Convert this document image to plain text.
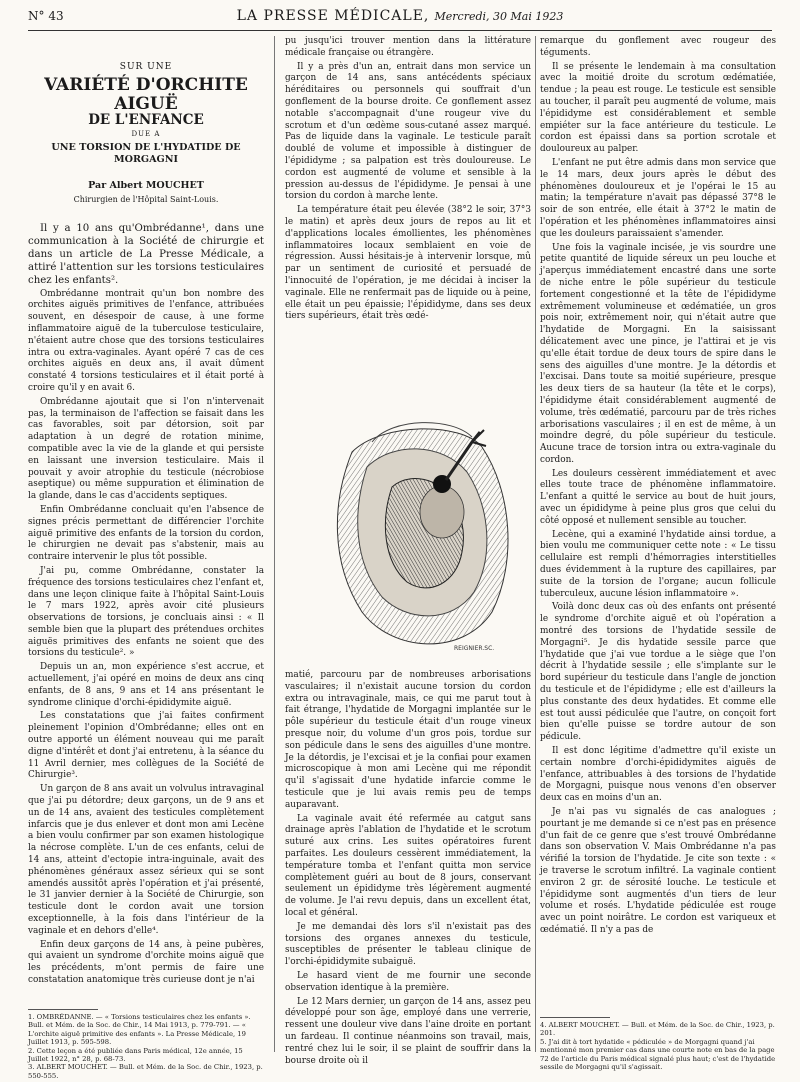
N° 43	LA PRESSE MÉDICALE, Mercredi, 30 Mai 1923
SUR UNE
VARIÉTÉ D'ORCHITE AIGUË
DE L'ENFANCE
DUE A
UNE TORSION DE L'HYDATIDE DE MORGAGNI
Par Albert MOUCHET
Chirurgien de l'Hôpital Saint-Louis.

Il y a 10 ans qu'Ombrédanne¹, dans une communication à la Société de chirurgie et dans un article de La Presse Médicale, a attiré l'attention sur les torsions testiculaires chez les enfants².

Ombrédanne montrait qu'un bon nombre des orchites aiguës primitives de l'enfance, attribuées souvent, en désespoir de cause, à une forme inflammatoire aiguë de la tuberculose testiculaire, n'étaient autre chose que des torsions testiculaires intra ou extra-vaginales. Ayant opéré 7 cas de ces orchites aiguës en deux ans, il avait dûment constaté 4 torsions testiculaires et il était porté à croire qu'il y en avait 6.

Ombrédanne ajoutait que si l'on n'intervenait pas, la terminaison de l'affection se faisait dans les cas favorables, soit par détorsion, soit par adaptation à un degré de rotation minime, compatible avec la vie de la glande et qui persiste en laissant une inversion testiculaire. Mais il pouvait y avoir atrophie du testicule (nécrobiose aseptique) ou même suppuration et élimination de la glande, dans le cas d'accidents septiques.

Enfin Ombrédanne concluait qu'en l'absence de signes précis permettant de différencier l'orchite aiguë primitive des enfants de la torsion du cordon, le chirurgien ne devait pas s'abstenir, mais au contraire intervenir le plus tôt possible.

J'ai pu, comme Ombrédanne, constater la fréquence des torsions testiculaires chez l'enfant et, dans une leçon clinique faite à l'hôpital Saint-Louis le 7 mars 1922, après avoir cité plusieurs observations de torsions, je concluais ainsi : « Il semble bien que la plupart des prétendues orchites aiguës primitives des enfants ne soient que des torsions du testicule². »

Depuis un an, mon expérience s'est accrue, et actuellement, j'ai opéré en moins de deux ans cinq enfants, de 8 ans, 9 ans et 14 ans présentant le syndrome clinique d'orchi-épididymite aiguë.

Les constatations que j'ai faites confirment pleinement l'opinion d'Ombrédanne; elles ont en outre apporté un élément nouveau qui me paraît digne d'intérêt et dont j'ai entretenu, à la séance du 11 Avril dernier, mes collègues de la Société de Chirurgie³.

Un garçon de 8 ans avait un volvulus intravaginal que j'ai pu détordre; deux garçons, un de 9 ans et un de 14 ans, avaient des testicules complètement infarcis que je dus enlever et dont mon ami Lecène a bien voulu confirmer par son examen histologique la nécrose complète. L'un de ces enfants, celui de 14 ans, atteint d'ectopie intra-inguinale, avait des phénomènes généraux assez sérieux qui se sont amendés aussitôt après l'opération et j'ai présenté, le 31 janvier dernier à la Société de Chirurgie, son testicule dont le cordon avait une torsion exceptionnelle, à la fois dans l'intérieur de la vaginale et en dehors d'elle⁴.

Enfin deux garçons de 14 ans, à peine pubères, qui avaient un syndrome d'orchite moins aiguë que les précédents, m'ont permis de faire une constatation anatomique très curieuse dont je n'ai

pu jusqu'ici trouver mention dans la littérature médicale française ou étrangère.

Il y a près d'un an, entrait dans mon service un garçon de 14 ans, sans antécédents spéciaux héréditaires ou personnels qui souffrait d'un gonflement de la bourse droite. Ce gonflement assez notable s'accompagnait d'une rougeur vive du scrotum et d'un œdème sous-cutané assez marqué. Pas de liquide dans la vaginale. Le testicule paraît doublé de volume et impossible à distinguer de l'épididyme ; sa palpation est très douloureuse. Le cordon est augmenté de volume et sensible à la pression au-dessus de l'épididyme. Je pensai à une torsion du cordon à marche lente.

La température était peu élevée (38°2 le soir, 37°3 le matin) et après deux jours de repos au lit et d'applications locales émollientes, les phénomènes inflammatoires locaux semblaient en voie de régression. Aussi hésitais-je à intervenir lorsque, mû par un sentiment de curiosité et persuadé de l'innocuité de l'opération, je me décidai à inciser la vaginale. Elle ne renfermait pas de liquide ou à peine, elle était un peu épaissie; l'épididyme, dans ses deux tiers supérieurs, était très œdé-

REIGNIER.SC.

matié, parcouru par de nombreuses arborisations vasculaires; il n'existait aucune torsion du cordon extra ou intravaginale, mais, ce qui me parut tout à fait étrange, l'hydatide de Morgagni implantée sur le pôle supérieur du testicule était d'un rouge vineux presque noir, du volume d'un gros pois, tordue sur son pédicule dans le sens des aiguilles d'une montre. Je la détordis, je l'excisai et je la confiai pour examen microscopique à mon ami Lecène qui me répondit qu'il s'agissait d'une hydatide infarcie comme le testicule que je lui avais remis peu de temps auparavant.

La vaginale avait été refermée au catgut sans drainage après l'ablation de l'hydatide et le scrotum suturé aux crins. Les suites opératoires furent parfaites. Les douleurs cessèrent immédiatement, la température tomba et l'enfant quitta mon service complètement guéri au bout de 8 jours, conservant seulement un épididyme très légèrement augmenté de volume. Je l'ai revu depuis, dans un excellent état, local et général.

Je me demandai dès lors s'il n'existait pas des torsions des organes annexes du testicule, susceptibles de présenter le tableau clinique de l'orchi-épididymite subaiguë.

Le hasard vient de me fournir une seconde observation identique à la première.

Le 12 Mars dernier, un garçon de 14 ans, assez peu développé pour son âge, employé dans une verrerie, ressent une douleur vive dans l'aine droite en portant un fardeau. Il continue néanmoins son travail, mais, rentré chez lui le soir, il se plaint de souffrir dans la bourse droite où il

remarque du gonflement avec rougeur des téguments.

Il se présente le lendemain à ma consultation avec la moitié droite du scrotum œdématiée, tendue ; la peau est rouge. Le testicule est sensible au toucher, il paraît peu augmenté de volume, mais l'épididyme est considérablement et semble empiéter sur la face antérieure du testicule. Le cordon est épaissi dans sa portion scrotale et douloureux au palper.

L'enfant ne put être admis dans mon service que le 14 mars, deux jours après le début des phénomènes douloureux et je l'opérai le 15 au matin; la température n'avait pas dépassé 37°8 le soir de son entrée, elle était à 37°2 le matin de l'opération et les phénomènes inflammatoires ainsi que les douleurs paraissaient s'amender.

Une fois la vaginale incisée, je vis sourdre une petite quantité de liquide séreux un peu louche et j'aperçus immédiatement encastré dans une sorte de niche entre le pôle supérieur du testicule fortement congestionné et la tête de l'épididyme extrêmement volumineuse et œdématiée, un gros pois noir, extrêmement noir, qui n'était autre que l'hydatide de Morgagni. En la saisissant délicatement avec une pince, je l'attirai et je vis qu'elle était tordue de deux tours de spire dans le sens des aiguilles d'une montre. Je la détordis et l'excisai. Dans toute sa moitié supérieure, presque les deux tiers de sa hauteur (la tête et le corps), l'épididyme était considérablement augmenté de volume, très œdématié, parcouru par de très riches arborisations vasculaires ; il en est de même, à un moindre degré, du pôle supérieur du testicule. Aucune trace de torsion intra ou extra-vaginale du cordon.

Les douleurs cessèrent immédiatement et avec elles toute trace de phénomène inflammatoire. L'enfant a quitté le service au bout de huit jours, avec un épididyme à peine plus gros que celui du côté opposé et nullement sensible au toucher.

Lecène, qui a examiné l'hydatide ainsi tordue, a bien voulu me communiquer cette note : « Le tissu cellulaire est rempli d'hémorragies interstitielles dues évidemment à la rupture des capillaires, par suite de la torsion de l'organe; aucun follicule tuberculeux, aucune lésion inflammatoire ».

Voilà donc deux cas où des enfants ont présenté le syndrome d'orchite aiguë et où l'opération a montré des torsions de l'hydatide sessile de Morgagni⁵. Je dis hydatide sessile parce que l'hydatide que j'ai vue tordue a le siège que l'on décrit à l'hydatide sessile ; elle s'implante sur le bord supérieur du testicule dans l'angle de jonction du testicule et de l'épididyme ; elle est d'ailleurs la plus constante des deux hydatides. Et comme elle est tout aussi pédiculée que l'autre, on conçoit fort bien qu'elle puisse se tordre autour de son pédicule.

Il est donc légitime d'admettre qu'il existe un certain nombre d'orchi-épididymites aiguës de l'enfance, attribuables à des torsions de l'hydatide de Morgagni, puisque nous venons d'en observer deux cas en moins d'un an.

Je n'ai pas vu signalés de cas analogues ; pourtant je me demande si ce n'est pas en présence d'un fait de ce genre que s'est trouvé Ombrédanne dans son observation V. Mais Ombrédanne n'a pas vérifié la torsion de l'hydatide. Je cite son texte : « je traverse le scrotum infiltré. La vaginale contient environ 2 gr. de sérosité louche. Le testicule et l'épididyme sont augmentés d'un tiers de leur volume et rosés. L'hydatide pédiculée est rouge avec un point noirâtre. Le cordon est variqueux et œdématié. Il n'y a pas de

1. OMBRÉDANNE. — « Torsions testiculaires chez les enfants ». Bull. et Mém. de la Soc. de Chir., 14 Mai 1913, p. 779-791. — « L'orchite aiguë primitive des enfants ». La Presse Médicale, 19 Juillet 1913, p. 595-598.
2. Cette leçon a été publiée dans Paris médical, 12e année, 15 Juillet 1922, n° 28, p. 68-73.
3. ALBERT MOUCHET. — Bull. et Mém. de la Soc. de Chir., 1923, p. 550-555.
4. ALBERT MOUCHET. — Bull. et Mém. de la Soc. de Chir., 1923, p. 201.
5. J'ai dit à tort hydatide « pédiculée » de Morgagni quand j'ai mentionné mon premier cas dans une courte note en bas de la page 72 de l'article du Paris médical signalé plus haut; c'est de l'hydatide sessile de Morgagni qu'il s'agissait.
